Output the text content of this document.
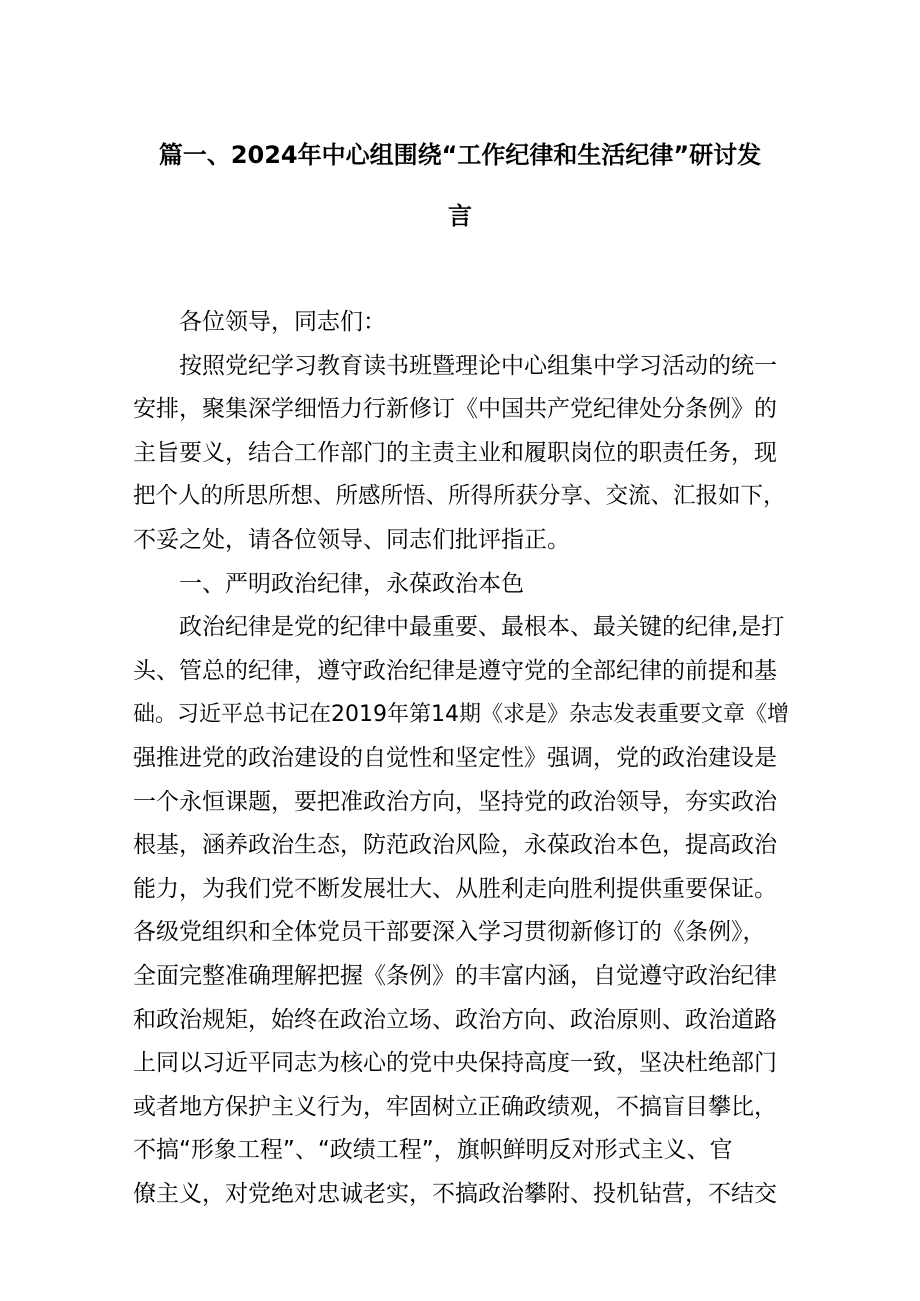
篇一、2024年中心组围绕“工作纪律和生活纪律”研讨发
言
各位领导，同志们：
按照党纪学习教育读书班暨理论中心组集中学习活动的统一
安排，聚集深学细悟力行新修订《中国共产党纪律处分条例》的
主旨要义，结合工作部门的主责主业和履职岗位的职责任务，现
把个人的所思所想、所感所悟、所得所获分享、交流、汇报如下，
不妥之处，请各位领导、同志们批评指正。
一、严明政治纪律，永葆政治本色
政治纪律是党的纪律中最重要、最根本、最关键的纪律,是打
头、管总的纪律，遵守政治纪律是遵守党的全部纪律的前提和基
础。习近平总书记在2019年第14期《求是》杂志发表重要文章《增
强推进党的政治建设的自觉性和坚定性》强调，党的政治建设是
一个永恒课题，要把准政治方向，坚持党的政治领导，夯实政治
根基，涵养政治生态，防范政治风险，永葆政治本色，提高政治
能力，为我们党不断发展壮大、从胜利走向胜利提供重要保证。
各级党组织和全体党员干部要深入学习贯彻新修订的《条例》，
全面完整准确理解把握《条例》的丰富内涵，自觉遵守政治纪律
和政治规矩，始终在政治立场、政治方向、政治原则、政治道路
上同以习近平同志为核心的党中央保持高度一致，坚决杜绝部门
或者地方保护主义行为，牢固树立正确政绩观，不搞盲目攀比，
不搞“形象工程”、“政绩工程”，旗帜鲜明反对形式主义、官
僚主义，对党绝对忠诚老实，不搞政治攀附、投机钻营，不结交
